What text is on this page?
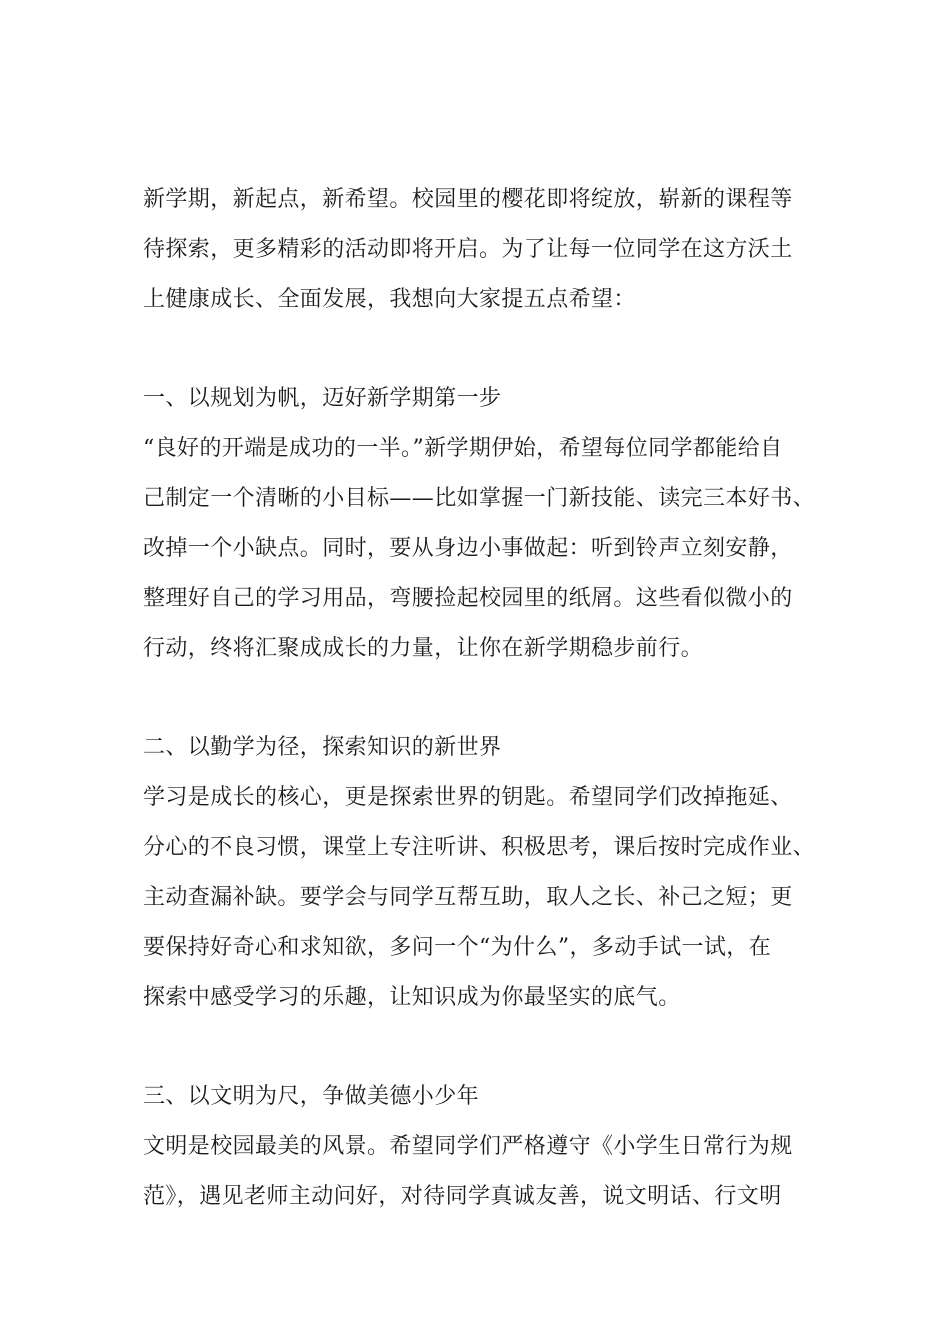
新学期，新起点，新希望。校园里的樱花即将绽放，崭新的课程等
待探索，更多精彩的活动即将开启。为了让每一位同学在这方沃土
上健康成长、全面发展，我想向大家提五点希望：
一、以规划为帆，迈好新学期第一步
“良好的开端是成功的一半。”新学期伊始，希望每位同学都能给自
己制定一个清晰的小目标——比如掌握一门新技能、读完三本好书、
改掉一个小缺点。同时，要从身边小事做起：听到铃声立刻安静，
整理好自己的学习用品，弯腰捡起校园里的纸屑。这些看似微小的
行动，终将汇聚成成长的力量，让你在新学期稳步前行。
二、以勤学为径，探索知识的新世界
学习是成长的核心，更是探索世界的钥匙。希望同学们改掉拖延、
分心的不良习惯，课堂上专注听讲、积极思考，课后按时完成作业、
主动查漏补缺。要学会与同学互帮互助，取人之长、补己之短；更
要保持好奇心和求知欲，多问一个“为什么”，多动手试一试，在
探索中感受学习的乐趣，让知识成为你最坚实的底气。
三、以文明为尺，争做美德小少年
文明是校园最美的风景。希望同学们严格遵守《小学生日常行为规
范》，遇见老师主动问好，对待同学真诚友善，说文明话、行文明
